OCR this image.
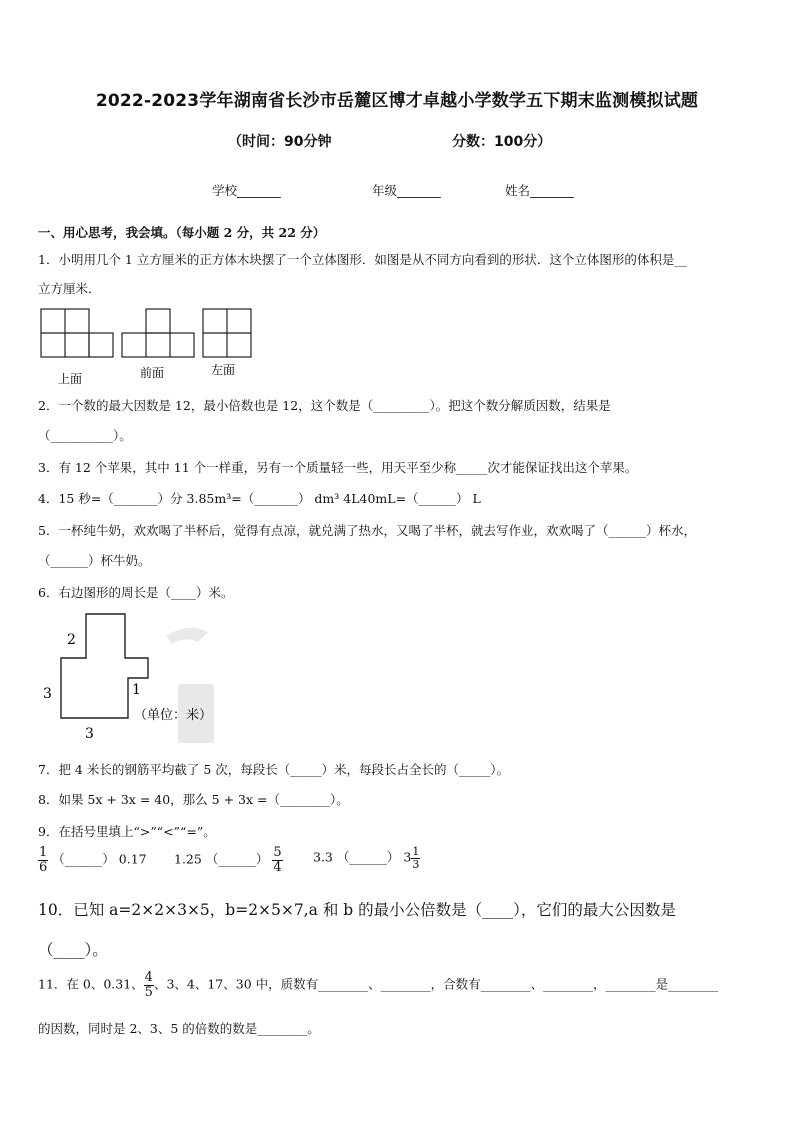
2022-2023学年湖南省长沙市岳麓区博才卓越小学数学五下期末监测模拟试题
（时间：90分钟	分数：100分）
学校_______	年级_______	姓名_______
一、用心思考，我会填。（每小题 2 分，共 22 分）
1．小明用几个 1 立方厘米的正方体木块摆了一个立体图形．如图是从不同方向看到的形状．这个立体图形的体积是__
立方厘米．
上面	前面	左面
2．一个数的最大因数是 12，最小倍数也是 12，这个数是（_________）。把这个数分解质因数，结果是
（__________）。
3．有 12 个苹果，其中 11 个一样重，另有一个质量轻一些，用天平至少称_____次才能保证找出这个苹果。
4．15 秒=（_______）分 3.85m³=（_______） dm³ 4L40mL=（______） L
5．一杯纯牛奶，欢欢喝了半杯后，觉得有点凉，就兑满了热水，又喝了半杯，就去写作业，欢欢喝了（______）杯水，
（______）杯牛奶。
6．右边图形的周长是（____）米。
2
3
3
1
（单位：米）
7．把 4 米长的钢筋平均截了 5 次，每段长（_____）米，每段长占全长的（_____）。
8．如果 5x + 3x = 40，那么 5 + 3x =（________）。
9．在括号里填上“>”“<”“=”。
$\frac{1}{6}$ （______） 0.17 1.25 （______） $\frac{5}{4} 3.3$ （______） $3 \frac{1}{3}$
10．已知 a=2×2×3×5，b=2×5×7,a 和 b 的最小公倍数是（____），它们的最大公因数是
（____）。
11．在 0、0.31、 $\frac{4}{5}$ 、3、4、17、30 中，质数有________、________，合数有________、________，________是________
的因数，同时是 2、3、5 的倍数的数是________。
